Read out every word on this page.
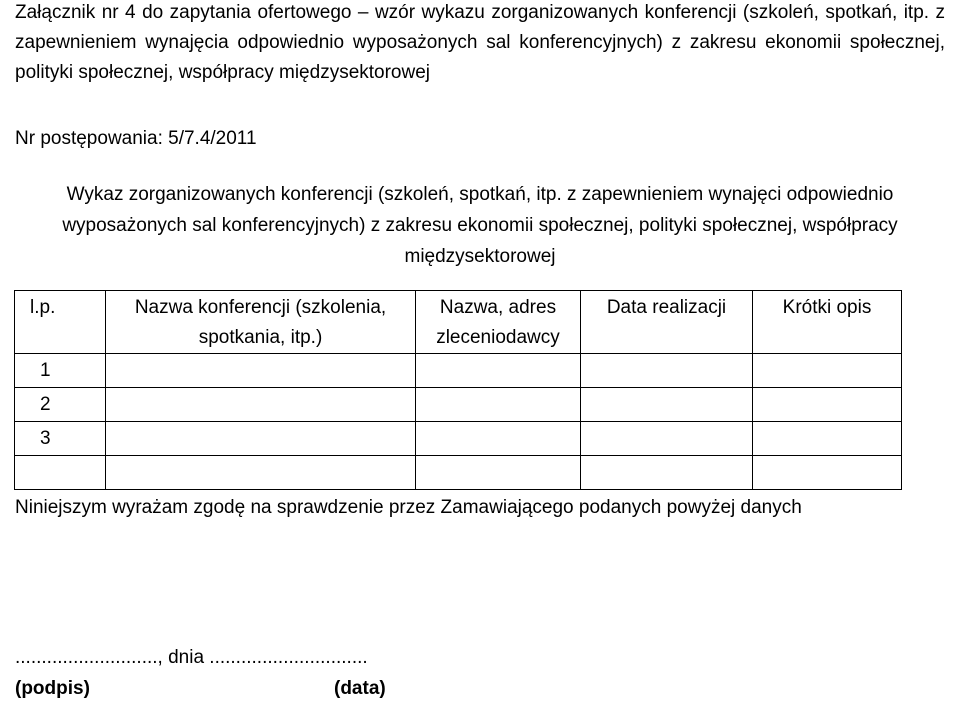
Załącznik nr 4 do zapytania ofertowego – wzór wykazu zorganizowanych konferencji (szkoleń, spotkań, itp. z zapewnieniem wynajęcia odpowiednio wyposażonych sal konferencyjnych) z zakresu ekonomii społecznej, polityki społecznej, współpracy międzysektorowej

Nr postępowania: 5/7.4/2011

Wykaz zorganizowanych konferencji (szkoleń, spotkań, itp. z zapewnieniem wynajęci odpowiednio wyposażonych sal konferencyjnych) z zakresu ekonomii społecznej, polityki społecznej, współpracy międzysektorowej

l.p.	Nazwa konferencji (szkolenia, spotkania, itp.)	Nazwa, adres zleceniodawcy	Data realizacji	Krótki opis
1				
2				
3				

Niniejszym wyrażam zgodę na sprawdzenie przez Zamawiającego podanych powyżej danych

..........................., dnia ..............................

(podpis)	(data)
